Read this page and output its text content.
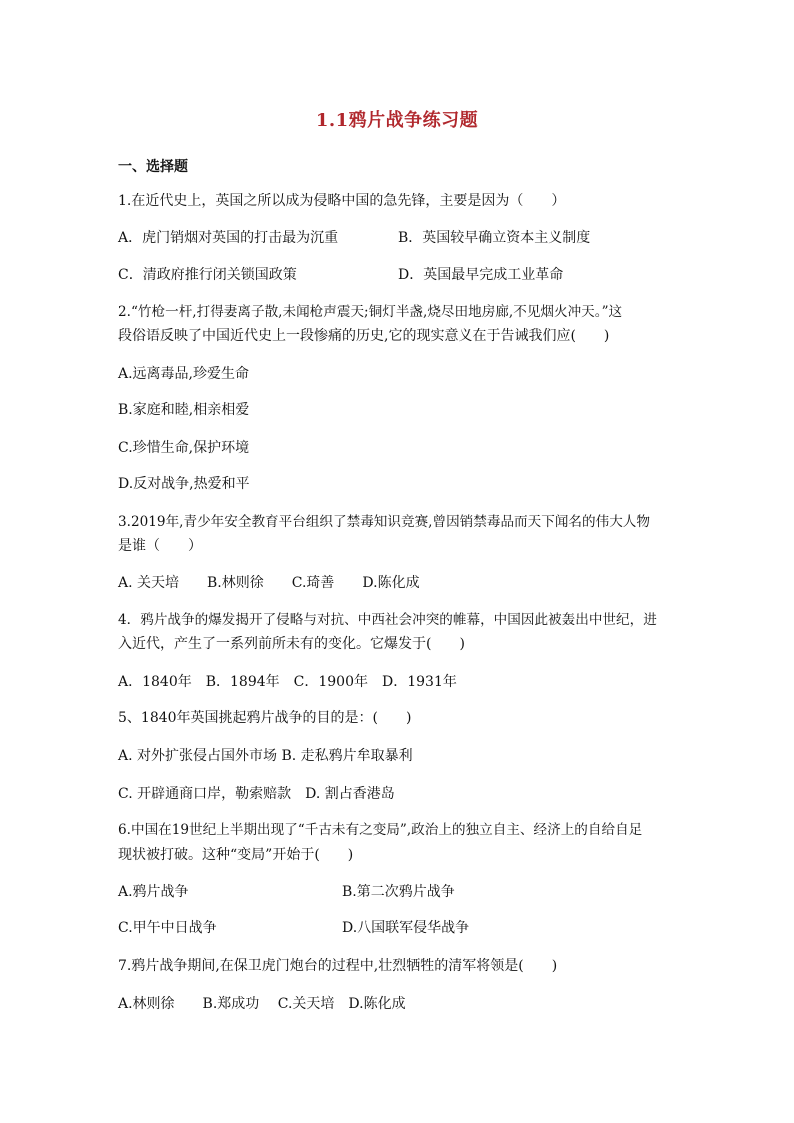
1.1鸦片战争练习题
一、选择题
1.在近代史上，英国之所以成为侵略中国的急先锋，主要是因为（　　）
A．虎门销烟对英国的打击最为沉重	B．英国较早确立资本主义制度
C．清政府推行闭关锁国政策	D．英国最早完成工业革命
2.“竹枪一杆,打得妻离子散,未闻枪声震天;铜灯半盏,烧尽田地房廊,不见烟火冲天。”这
段俗语反映了中国近代史上一段惨痛的历史,它的现实意义在于告诫我们应(　　)
A.远离毒品,珍爱生命
B.家庭和睦,相亲相爱
C.珍惜生命,保护环境
D.反对战争,热爱和平
3.2019年,青少年安全教育平台组织了禁毒知识竞赛,曾因销禁毒品而天下闻名的伟大人物
是谁（　　）
A. 关天培　　B.林则徐　　C.琦善　　D.陈化成
4．鸦片战争的爆发揭开了侵略与对抗、中西社会冲突的帷幕，中国因此被轰出中世纪，进
入近代，产生了一系列前所未有的变化。它爆发于(　　)
A．1840年　B．1894年　C．1900年　D．1931年
5、1840年英国挑起鸦片战争的目的是：(　　)
A. 对外扩张侵占国外市场 B. 走私鸦片牟取暴利
C. 开辟通商口岸，勒索赔款　D. 割占香港岛
6.中国在19世纪上半期出现了“千古未有之变局”,政治上的独立自主、经济上的自给自足
现状被打破。这种“变局”开始于(　　)
A.鸦片战争	B.第二次鸦片战争
C.甲午中日战争	D.八国联军侵华战争
7.鸦片战争期间,在保卫虎门炮台的过程中,壮烈牺牲的清军将领是(　　)
A.林则徐　　B.郑成功　 C.关天培　D.陈化成
